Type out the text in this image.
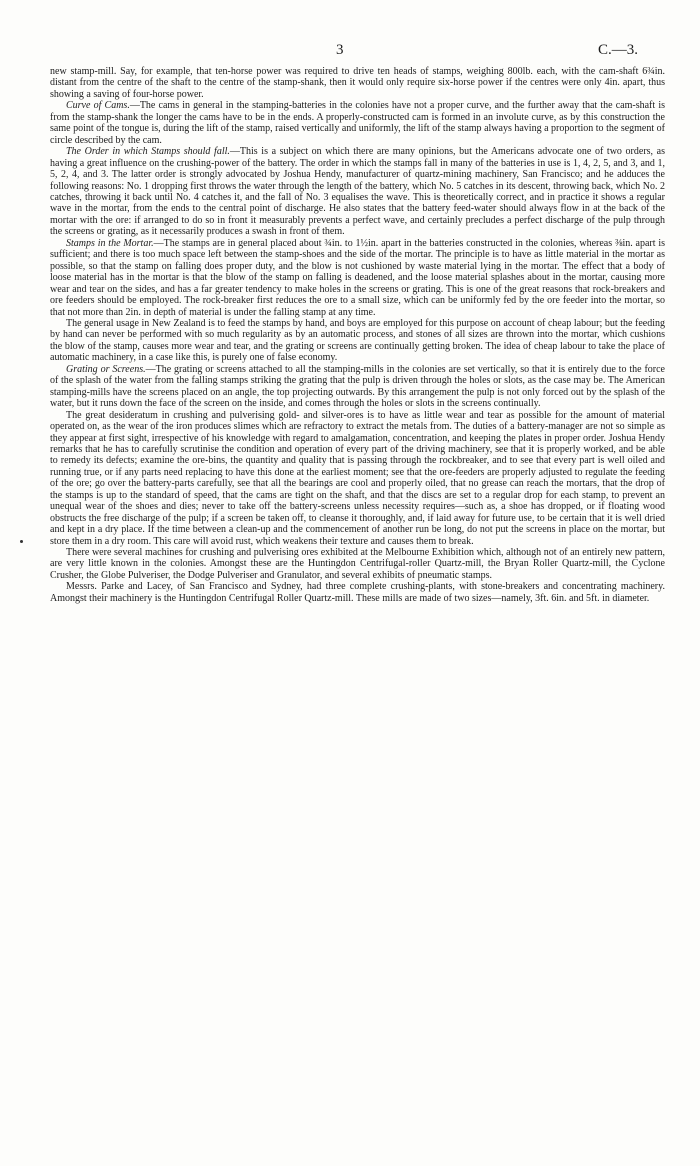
3	C.—3.

new stamp-mill. Say, for example, that ten-horse power was required to drive ten heads of stamps, weighing 800lb. each, with the cam-shaft 6¾in. distant from the centre of the shaft to the centre of the stamp-shank, then it would only require six-horse power if the centres were only 4in. apart, thus showing a saving of four-horse power.

Curve of Cams.—The cams in general in the stamping-batteries in the colonies have not a proper curve, and the further away that the cam-shaft is from the stamp-shank the longer the cams have to be in the ends. A properly-constructed cam is formed in an involute curve, as by this construction the same point of the tongue is, during the lift of the stamp, raised vertically and uniformly, the lift of the stamp always having a proportion to the segment of circle described by the cam.

The Order in which Stamps should fall.—This is a subject on which there are many opinions, but the Americans advocate one of two orders, as having a great influence on the crushing-power of the battery. The order in which the stamps fall in many of the batteries in use is 1, 4, 2, 5, and 3, and 1, 5, 2, 4, and 3. The latter order is strongly advocated by Joshua Hendy, manufacturer of quartz-mining machinery, San Francisco; and he adduces the following reasons: No. 1 dropping first throws the water through the length of the battery, which No. 5 catches in its descent, throwing back, which No. 2 catches, throwing it back until No. 4 catches it, and the fall of No. 3 equalises the wave. This is theoretically correct, and in practice it shows a regular wave in the mortar, from the ends to the central point of discharge. He also states that the battery feed-water should always flow in at the back of the mortar with the ore: if arranged to do so in front it measurably prevents a perfect wave, and certainly precludes a perfect discharge of the pulp through the screens or grating, as it necessarily produces a swash in front of them.

Stamps in the Mortar.—The stamps are in general placed about ¾in. to 1½in. apart in the batteries constructed in the colonies, whereas ⅜in. apart is sufficient; and there is too much space left between the stamp-shoes and the side of the mortar. The principle is to have as little material in the mortar as possible, so that the stamp on falling does proper duty, and the blow is not cushioned by waste material lying in the mortar. The effect that a body of loose material has in the mortar is that the blow of the stamp on falling is deadened, and the loose material splashes about in the mortar, causing more wear and tear on the sides, and has a far greater tendency to make holes in the screens or grating. This is one of the great reasons that rock-breakers and ore feeders should be employed. The rock-breaker first reduces the ore to a small size, which can be uniformly fed by the ore feeder into the mortar, so that not more than 2in. in depth of material is under the falling stamp at any time.

The general usage in New Zealand is to feed the stamps by hand, and boys are employed for this purpose on account of cheap labour; but the feeding by hand can never be performed with so much regularity as by an automatic process, and stones of all sizes are thrown into the mortar, which cushions the blow of the stamp, causes more wear and tear, and the grating or screens are continually getting broken. The idea of cheap labour to take the place of automatic machinery, in a case like this, is purely one of false economy.

Grating or Screens.—The grating or screens attached to all the stamping-mills in the colonies are set vertically, so that it is entirely due to the force of the splash of the water from the falling stamps striking the grating that the pulp is driven through the holes or slots, as the case may be. The American stamping-mills have the screens placed on an angle, the top projecting outwards. By this arrangement the pulp is not only forced out by the splash of the water, but it runs down the face of the screen on the inside, and comes through the holes or slots in the screens continually.

The great desideratum in crushing and pulverising gold- and silver-ores is to have as little wear and tear as possible for the amount of material operated on, as the wear of the iron produces slimes which are refractory to extract the metals from. The duties of a battery-manager are not so simple as they appear at first sight, irrespective of his knowledge with regard to amalgamation, concentration, and keeping the plates in proper order. Joshua Hendy remarks that he has to carefully scrutinise the condition and operation of every part of the driving machinery, see that it is properly worked, and be able to remedy its defects; examine the ore-bins, the quantity and quality that is passing through the rockbreaker, and to see that every part is well oiled and running true, or if any parts need replacing to have this done at the earliest moment; see that the ore-feeders are properly adjusted to regulate the feeding of the ore; go over the battery-parts carefully, see that all the bearings are cool and properly oiled, that no grease can reach the mortars, that the drop of the stamps is up to the standard of speed, that the cams are tight on the shaft, and that the discs are set to a regular drop for each stamp, to prevent an unequal wear of the shoes and dies; never to take off the battery-screens unless necessity requires—such as, a shoe has dropped, or if floating wood obstructs the free discharge of the pulp; if a screen be taken off, to cleanse it thoroughly, and, if laid away for future use, to be certain that it is well dried and kept in a dry place. If the time between a clean-up and the commencement of another run be long, do not put the screens in place on the mortar, but store them in a dry room. This care will avoid rust, which weakens their texture and causes them to break.

There were several machines for crushing and pulverising ores exhibited at the Melbourne Exhibition which, although not of an entirely new pattern, are very little known in the colonies. Amongst these are the Huntingdon Centrifugal-roller Quartz-mill, the Bryan Roller Quartz-mill, the Cyclone Crusher, the Globe Pulveriser, the Dodge Pulveriser and Granulator, and several exhibits of pneumatic stamps.

Messrs. Parke and Lacey, of San Francisco and Sydney, had three complete crushing-plants, with stone-breakers and concentrating machinery. Amongst their machinery is the Huntingdon Centrifugal Roller Quartz-mill. These mills are made of two sizes—namely, 3ft. 6in. and 5ft. in diameter.
